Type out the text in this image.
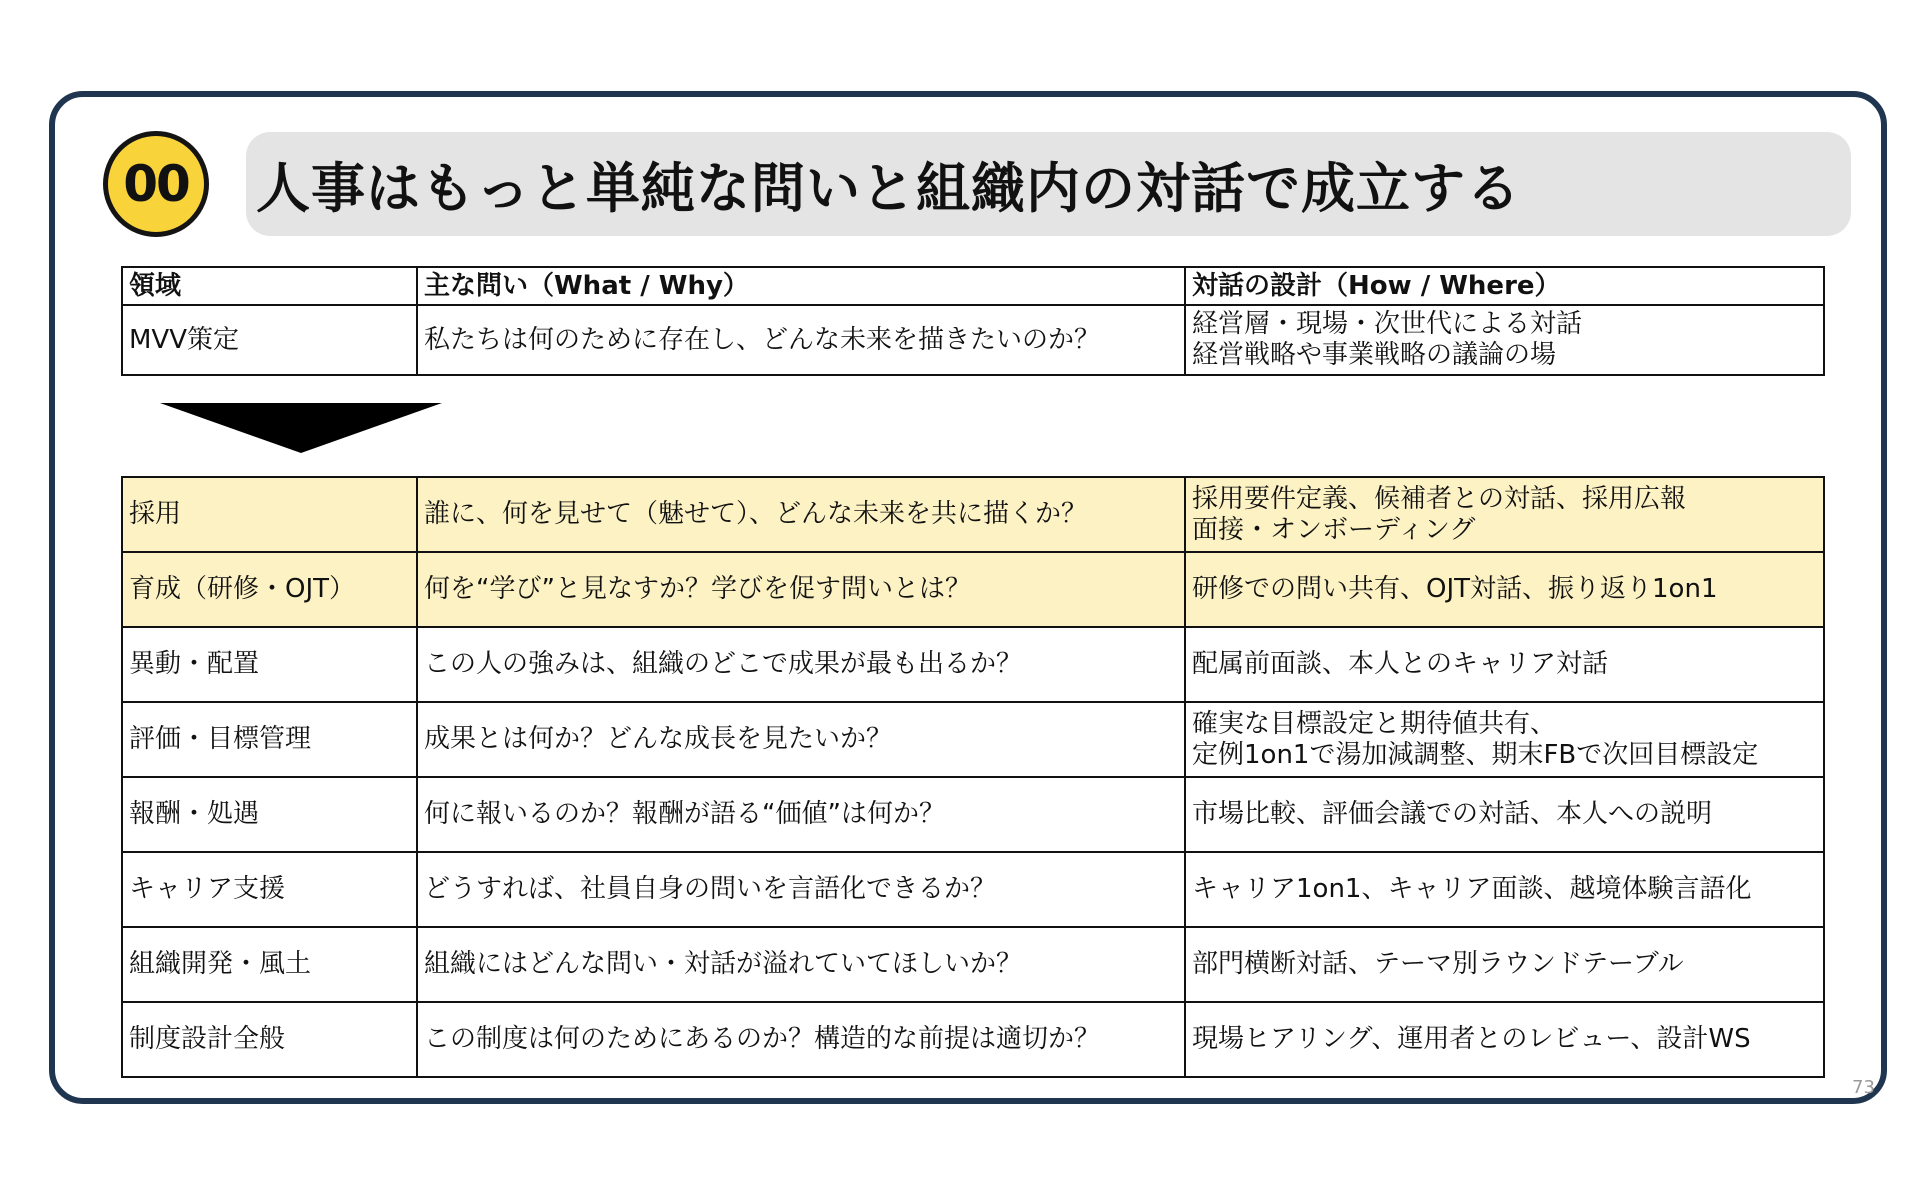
00 人事はもっと単純な問いと組織内の対話で成立する
領域	主な問い（What / Why）	対話の設計（How / Where）
MVV策定	私たちは何のために存在し、どんな未来を描きたいのか？	経営層・現場・次世代による対話
経営戦略や事業戦略の議論の場
採用	誰に、何を見せて（魅せて）、どんな未来を共に描くか？	採用要件定義、候補者との対話、採用広報
面接・オンボーディング

育成（研修・OJT）	何を“学び”と見なすか？学びを促す問いとは？	研修での問い共有、OJT対話、振り返り1on1

異動・配置	この人の強みは、組織のどこで成果が最も出るか？	配属前面談、本人とのキャリア対話

評価・目標管理	成果とは何か？どんな成長を見たいか？	確実な目標設定と期待値共有、
定例1on1で湯加減調整、期末FBで次回目標設定

報酬・処遇	何に報いるのか？報酬が語る“価値”は何か？	市場比較、評価会議での対話、本人への説明

キャリア支援	どうすれば、社員自身の問いを言語化できるか？	キャリア1on1、キャリア面談、越境体験言語化

組織開発・風土	組織にはどんな問い・対話が溢れていてほしいか？	部門横断対話、テーマ別ラウンドテーブル

制度設計全般	この制度は何のためにあるのか？構造的な前提は適切か？	現場ヒアリング、運用者とのレビュー、設計WS
73
